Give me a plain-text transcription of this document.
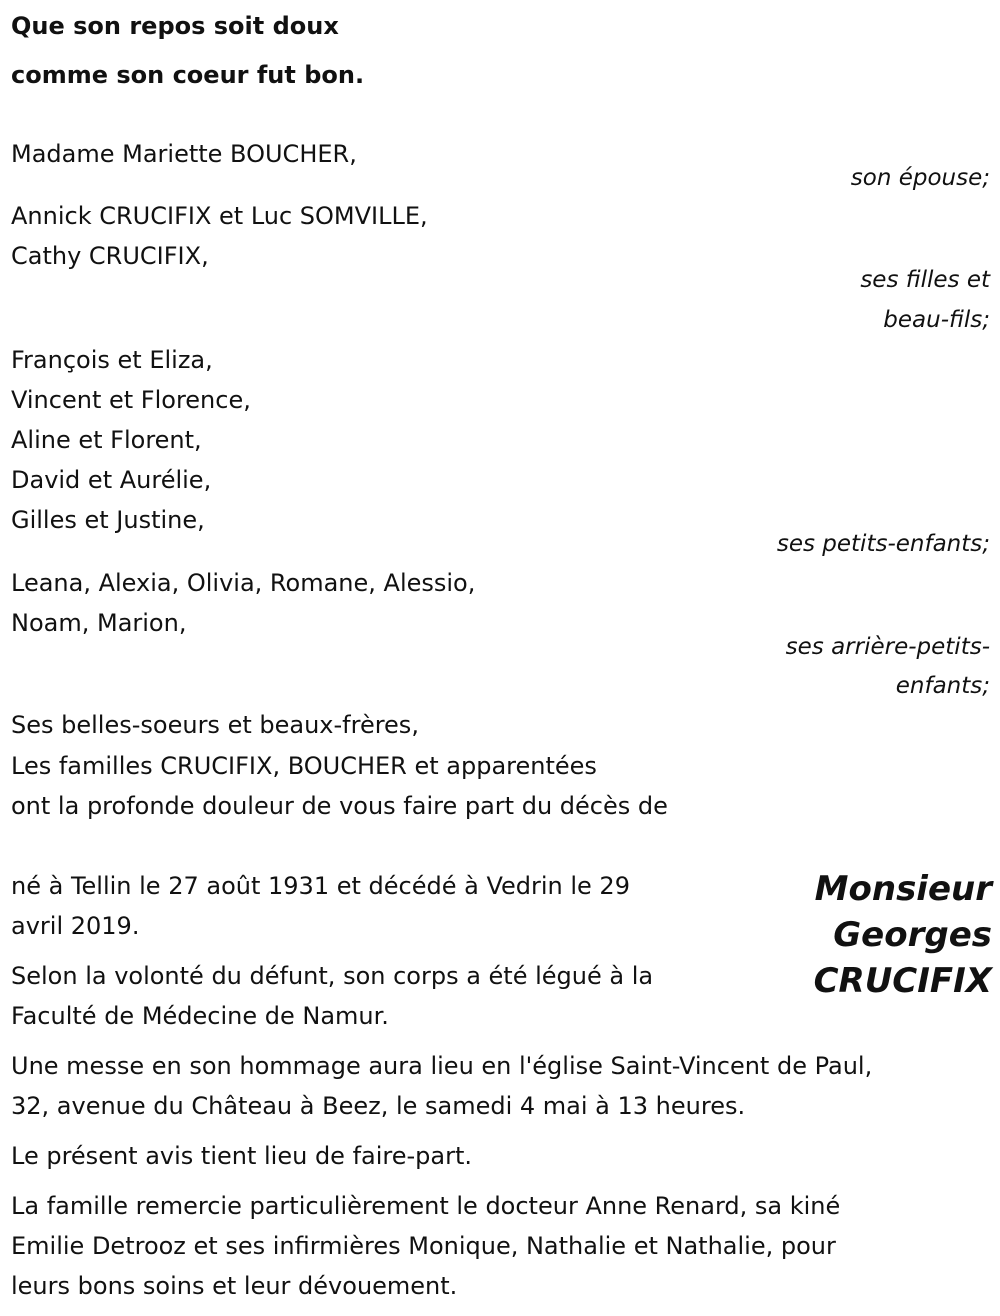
Que son repos soit doux
comme son coeur fut bon.
Madame Mariette BOUCHER,
son épouse;
Annick CRUCIFIX et Luc SOMVILLE,
Cathy CRUCIFIX,
ses filles et
beau-fils;
François et Eliza,
Vincent et Florence,
Aline et Florent,
David et Aurélie,
Gilles et Justine,
ses petits-enfants;
Leana, Alexia, Olivia, Romane, Alessio,
Noam, Marion,
ses arrière-petits-
enfants;
Ses belles-soeurs et beaux-frères,
Les familles CRUCIFIX, BOUCHER et apparentées
ont la profonde douleur de vous faire part du décès de
Monsieur
Georges
CRUCIFIX
né à Tellin le 27 août 1931 et décédé à Vedrin le 29
avril 2019.
Selon la volonté du défunt, son corps a été légué à la
Faculté de Médecine de Namur.
Une messe en son hommage aura lieu en l'église Saint-Vincent de Paul,
32, avenue du Château à Beez, le samedi 4 mai à 13 heures.
Le présent avis tient lieu de faire-part.
La famille remercie particulièrement le docteur Anne Renard, sa kiné
Emilie Detrooz et ses infirmières Monique, Nathalie et Nathalie, pour
leurs bons soins et leur dévouement.
